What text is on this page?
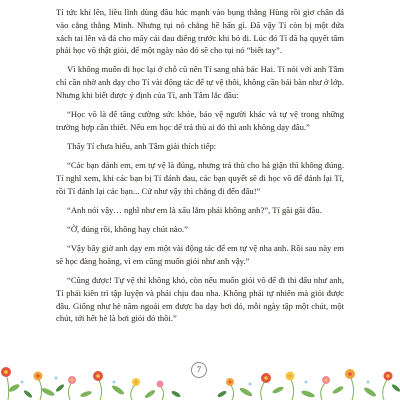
Tí tức khí lên, liều lĩnh dùng đầu húc mạnh vào bụng thằng Hùng rồi giơ chân đá vào cẳng thằng Minh. Nhưng tụi nó chẳng hề hấn gì. Đã vậy Tí còn bị một đứa xách tai lên và đá cho mấy cái đau điếng trước khi bỏ đi. Lúc đó Tí đã hạ quyết tâm phải học võ thật giỏi, để một ngày nào đó sẽ cho tụi nó “biết tay”.

Vì không muốn đi học lại ở chỗ cũ nên Tí sang nhà bác Hai. Tí nói với anh Tâm chỉ cần nhờ anh dạy cho Tí vài động tác để tự vệ thôi, không cần bái bàn như ở lớp. Nhưng khi biết được ý định của Tí, anh Tâm lắc đầu:

“Học võ là để tăng cường sức khỏe, bảo vệ người khác và tự vệ trong những trường hợp cần thiết. Nếu em học để trả thù ai đó thì anh không dạy đâu.”

Thấy Tí chưa hiểu, anh Tâm giải thích tiếp:

“Các bạn đánh em, em tự vệ là đúng, nhưng trả thù cho hả giận thì không đúng. Tí nghĩ xem, khi các bạn bị Tí đánh đau, các bạn quyết sẽ đi học võ để đánh lại Tí, rồi Tí đánh lại các bạn... Cứ như vậy thì chẳng đi đến đâu!”

“Anh nói vậy… nghĩ như em là xấu lắm phải không anh?”, Tí gãi gãi đầu.

“Ờ, đúng rồi, không hay chút nào.”

“Vậy bây giờ anh dạy em một vài động tác để em tự vệ nha anh. Rồi sau này em sẽ học đàng hoàng, vì em cũng muốn giỏi như anh vậy.”

“Cũng được! Tự vệ thì không khó, còn nếu muốn giỏi võ để đi thi đấu như anh, Tí phải kiên trì tập luyện và phải chịu đau nha. Không phải tự nhiên mà giỏi được đâu. Giống như hè năm ngoái em được ba dạy bơi đó, mỗi ngày tập một chút, một chút, tới hết hè là bơi giỏi đó thôi.”

7
